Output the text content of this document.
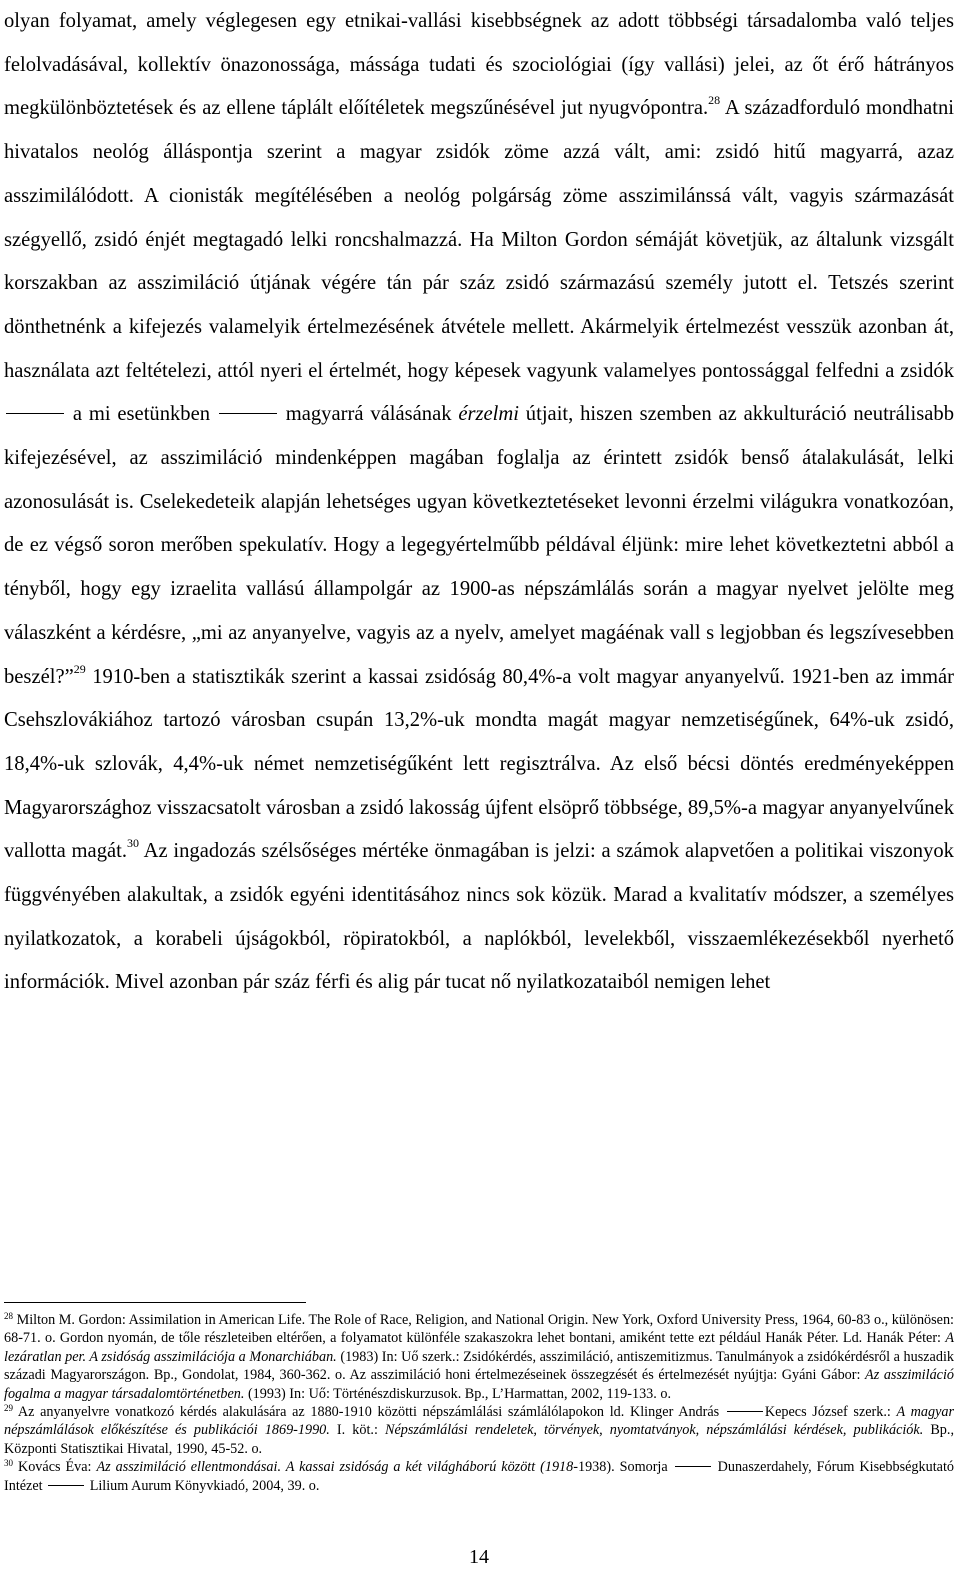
olyan folyamat, amely véglegesen egy etnikai-vallási kisebbségnek az adott többségi társadalomba való teljes felolvadásával, kollektív önazonossága, mássága tudati és szociológiai (így vallási) jelei, az őt érő hátrányos megkülönböztetések és az ellene táplált előítéletek megszűnésével jut nyugvópontra.$^{28}$ A századforduló mondhatni hivatalos neológ álláspontja szerint a magyar zsidók zöme azzá vált, ami: zsidó hitű magyarrá, azaz asszimilálódott. A cionisták megítélésében a neológ polgárság zöme asszimilánssá vált, vagyis származását szégyellő, zsidó énjét megtagadó lelki roncshalmazzá. Ha Milton Gordon sémáját követjük, az általunk vizsgált korszakban az asszimiláció útjának végére tán pár száz zsidó származású személy jutott el. Tetszés szerint dönthetnénk a kifejezés valamelyik értelmezésének átvétele mellett. Akármelyik értelmezést vesszük azonban át, használata azt feltételezi, attól nyeri el értelmét, hogy képesek vagyunk valamelyes pontossággal felfedni a zsidók  a mi esetünkben	magyarrá válásának érzelmi útjait, hiszen szemben az akkulturáció neutrálisabb kifejezésével, az asszimiláció mindenképpen magában foglalja az érintett zsidók benső átalakulását, lelki azonosulását is. Cselekedeteik alapján lehetséges ugyan következtetéseket levonni érzelmi világukra vonatkozóan, de ez végső soron merőben spekulatív. Hogy a legegyértelműbb példával éljünk: mire lehet következtetni abból a tényből, hogy egy izraelita vallású állampolgár az 1900-as népszámlálás során a magyar nyelvet jelölte meg válaszként a kérdésre, „mi az anyanyelve, vagyis az a nyelv, amelyet magáénak vall s legjobban és legszívesebben beszél?”$^{29}$ 1910-ben a statisztikák szerint a kassai zsidóság 80,4%-a volt magyar anyanyelvű. 1921-ben az immár Csehszlovákiához tartozó városban csupán 13,2%-uk mondta magát magyar nemzetiségűnek, 64%-uk zsidó, 18,4%-uk szlovák, 4,4%-uk német nemzetiségűként lett regisztrálva. Az első bécsi döntés eredményeképpen Magyarországhoz visszacsatolt városban a zsidó lakosság újfent elsöprő többsége, 89,5%-a magyar anyanyelvűnek vallotta magát.$^{30}$ Az ingadozás szélsőséges mértéke önmagában is jelzi: a számok alapvetően a politikai viszonyok függvényében alakultak, a zsidók egyéni identitásához nincs sok közük. Marad a kvalitatív módszer, a személyes nyilatkozatok, a korabeli újságokból, röpiratokból, a naplókból, levelekből, visszaemlékezésekből nyerhető információk. Mivel azonban pár száz férfi és alig pár tucat nő nyilatkozataiból nemigen lehet

$^{28}$ Milton M. Gordon: Assimilation in American Life. The Role of Race, Religion, and National Origin. New York, Oxford University Press, 1964, 60-83 o., különösen: 68-71. o. Gordon nyomán, de tőle részleteiben eltérően, a folyamatot különféle szakaszokra lehet bontani, amiként tette ezt például Hanák Péter. Ld. Hanák Péter: A lezáratlan per. A zsidóság asszimilációja a Monarchiában. (1983) In: Uő szerk.: Zsidókérdés, asszimiláció, antiszemitizmus. Tanulmányok a zsidókérdésről a huszadik századi Magyarországon. Bp., Gondolat, 1984, 360-362. o. Az asszimiláció honi értelmezéseinek összegzését és értelmezését nyújtja: Gyáni Gábor: Az asszimiláció fogalma a magyar társadalomtörténetben. (1993) In: Uő: Történészdiskurzusok. Bp., L’Harmattan, 2002, 119-133. o.

$^{29}$ Az anyanyelvre vonatkozó kérdés alakulására az 1880-1910 közötti népszámlálási számlálólapokon ld. Klinger András	Kepecs József szerk.: A magyar népszámlálások előkészítése és publikációi 1869-1990. I. köt.: Népszámlálási rendeletek, törvények, nyomtatványok, népszámlálási kérdések, publikációk. Bp., Központi Statisztikai Hivatal, 1990, 45-52. o.

$^{30}$ Kovács Éva: Az asszimiláció ellentmondásai. A kassai zsidóság a két világháború között (1918-1938). Somorja	Dunaszerdahely, Fórum Kisebbségkutató Intézet	Lilium Aurum Könyvkiadó, 2004, 39. o.

14
